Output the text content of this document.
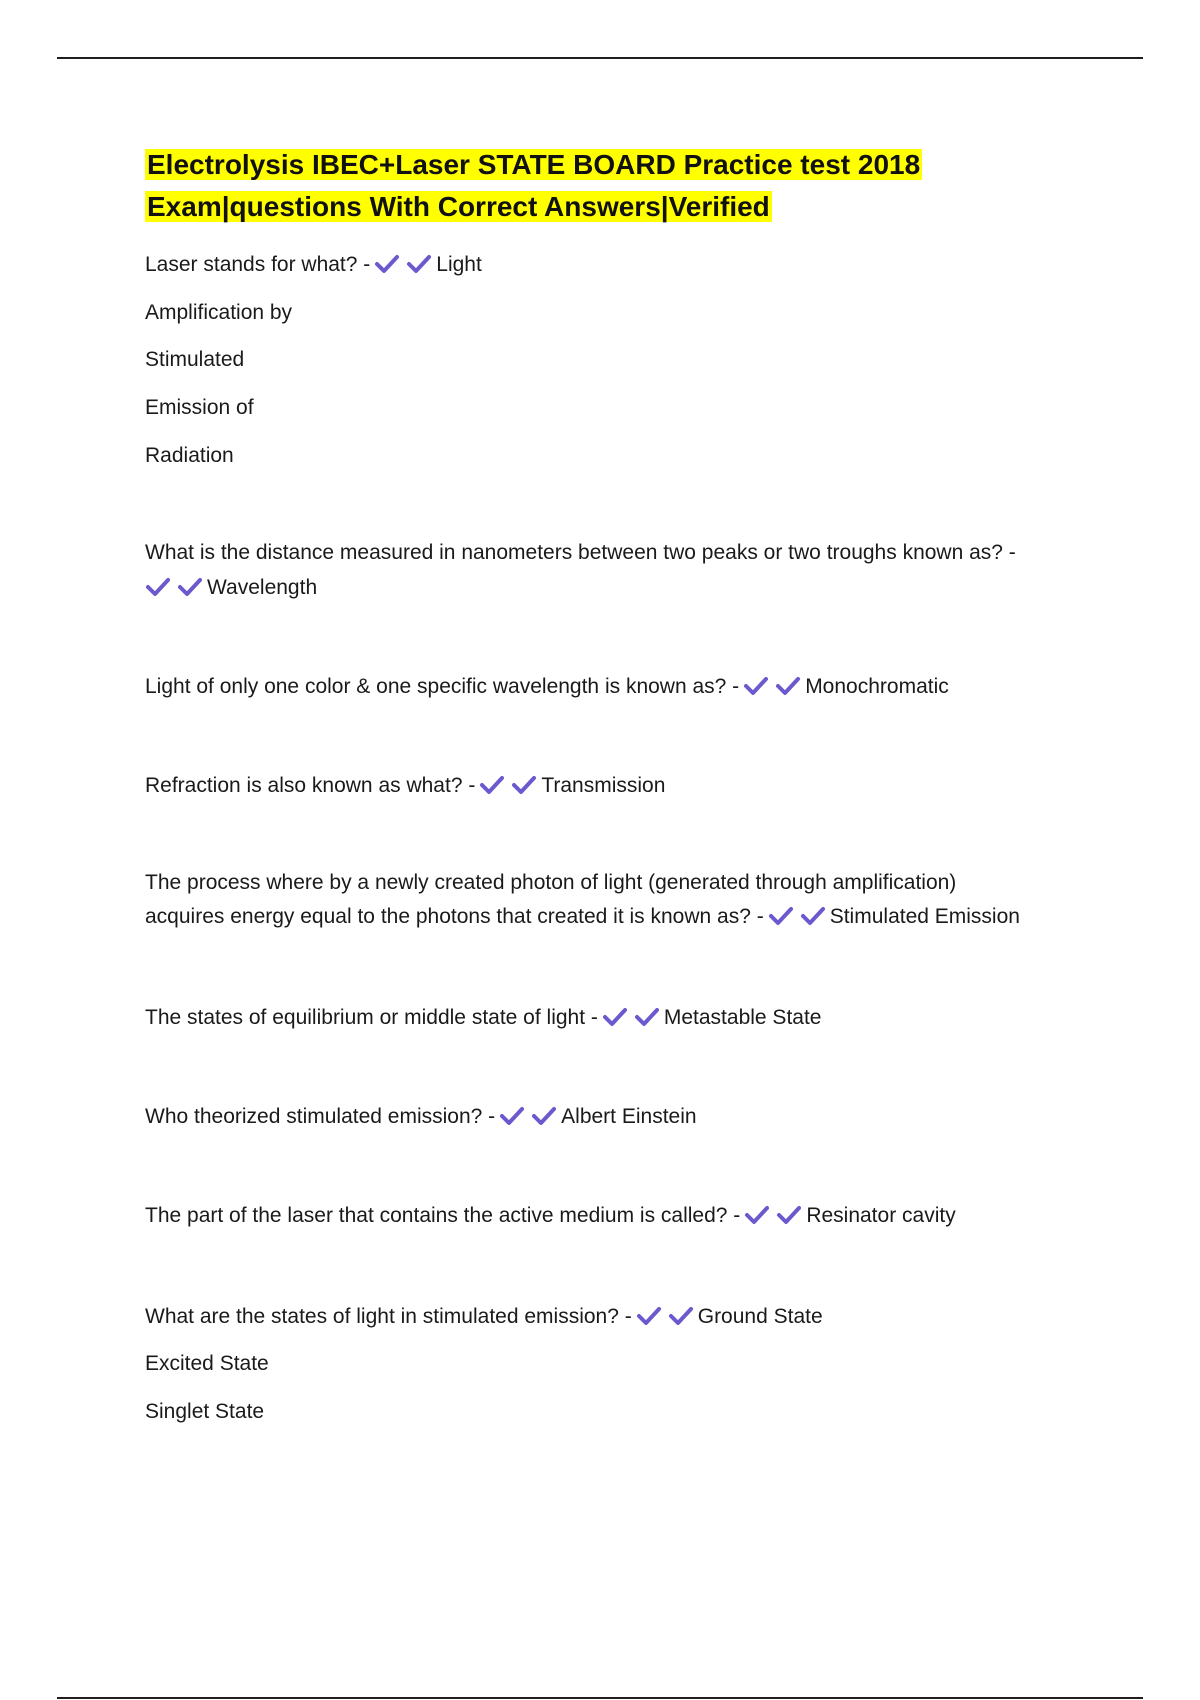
Electrolysis IBEC+Laser STATE BOARD Practice test 2018
Exam|questions With Correct Answers|Verified
Laser stands for what? -	Light
Amplification by
Stimulated
Emission of
Radiation
What is the distance measured in nanometers between two peaks or two troughs known as? -
Wavelength
Light of only one color & one specific wavelength is known as? -	Monochromatic
Refraction is also known as what? -	Transmission
The process where by a newly created photon of light (generated through amplification)
acquires energy equal to the photons that created it is known as? -	Stimulated Emission
The states of equilibrium or middle state of light -	Metastable State
Who theorized stimulated emission? -	Albert Einstein
The part of the laser that contains the active medium is called? -	Resinator cavity
What are the states of light in stimulated emission? -	Ground State
Excited State
Singlet State
